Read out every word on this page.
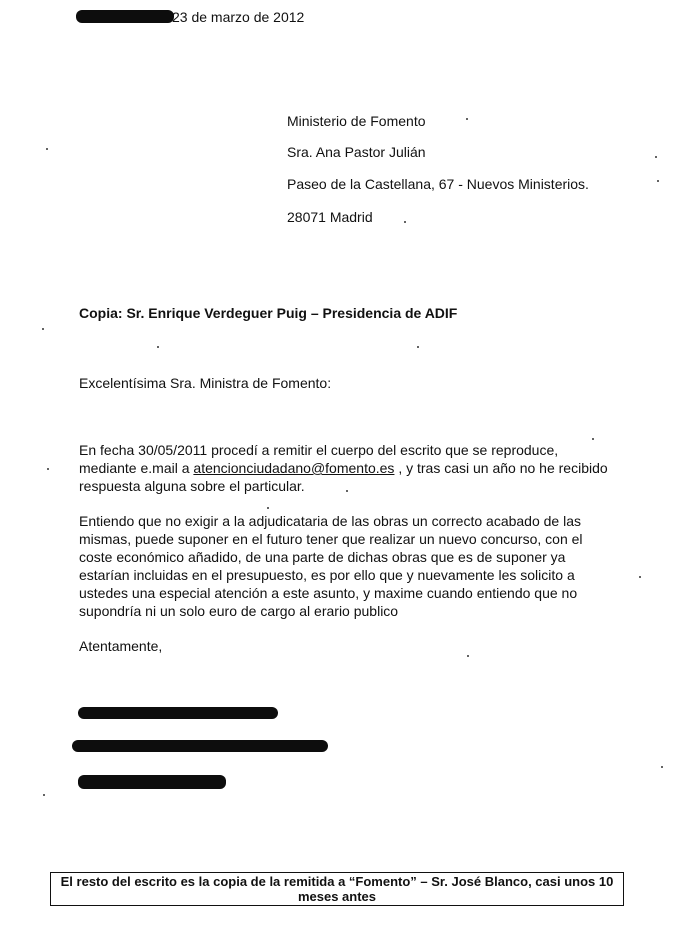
23 de marzo de 2012
Ministerio de Fomento
Sra. Ana Pastor Julián
Paseo de la Castellana, 67 - Nuevos Ministerios.
28071 Madrid
Copia: Sr. Enrique Verdeguer Puig – Presidencia de ADIF
Excelentísima Sra. Ministra de Fomento:

En fecha 30/05/2011 procedí a remitir el cuerpo del escrito que se reproduce, mediante e.mail a atencionciudadano@fomento.es , y tras casi un año no he recibido respuesta alguna sobre el particular.

Entiendo que no exigir a la adjudicataria de las obras un correcto acabado de las mismas, puede suponer en el futuro tener que realizar un nuevo concurso, con el coste económico añadido, de una parte de dichas obras que es de suponer ya estarían incluidas en el presupuesto, es por ello que y nuevamente les solicito a ustedes una especial atención a este asunto, y maxime cuando entiendo que no supondría ni un solo euro de cargo al erario publico

Atentamente,
El resto del escrito es la copia de la remitida a “Fomento” – Sr. José Blanco, casi unos 10 meses antes
